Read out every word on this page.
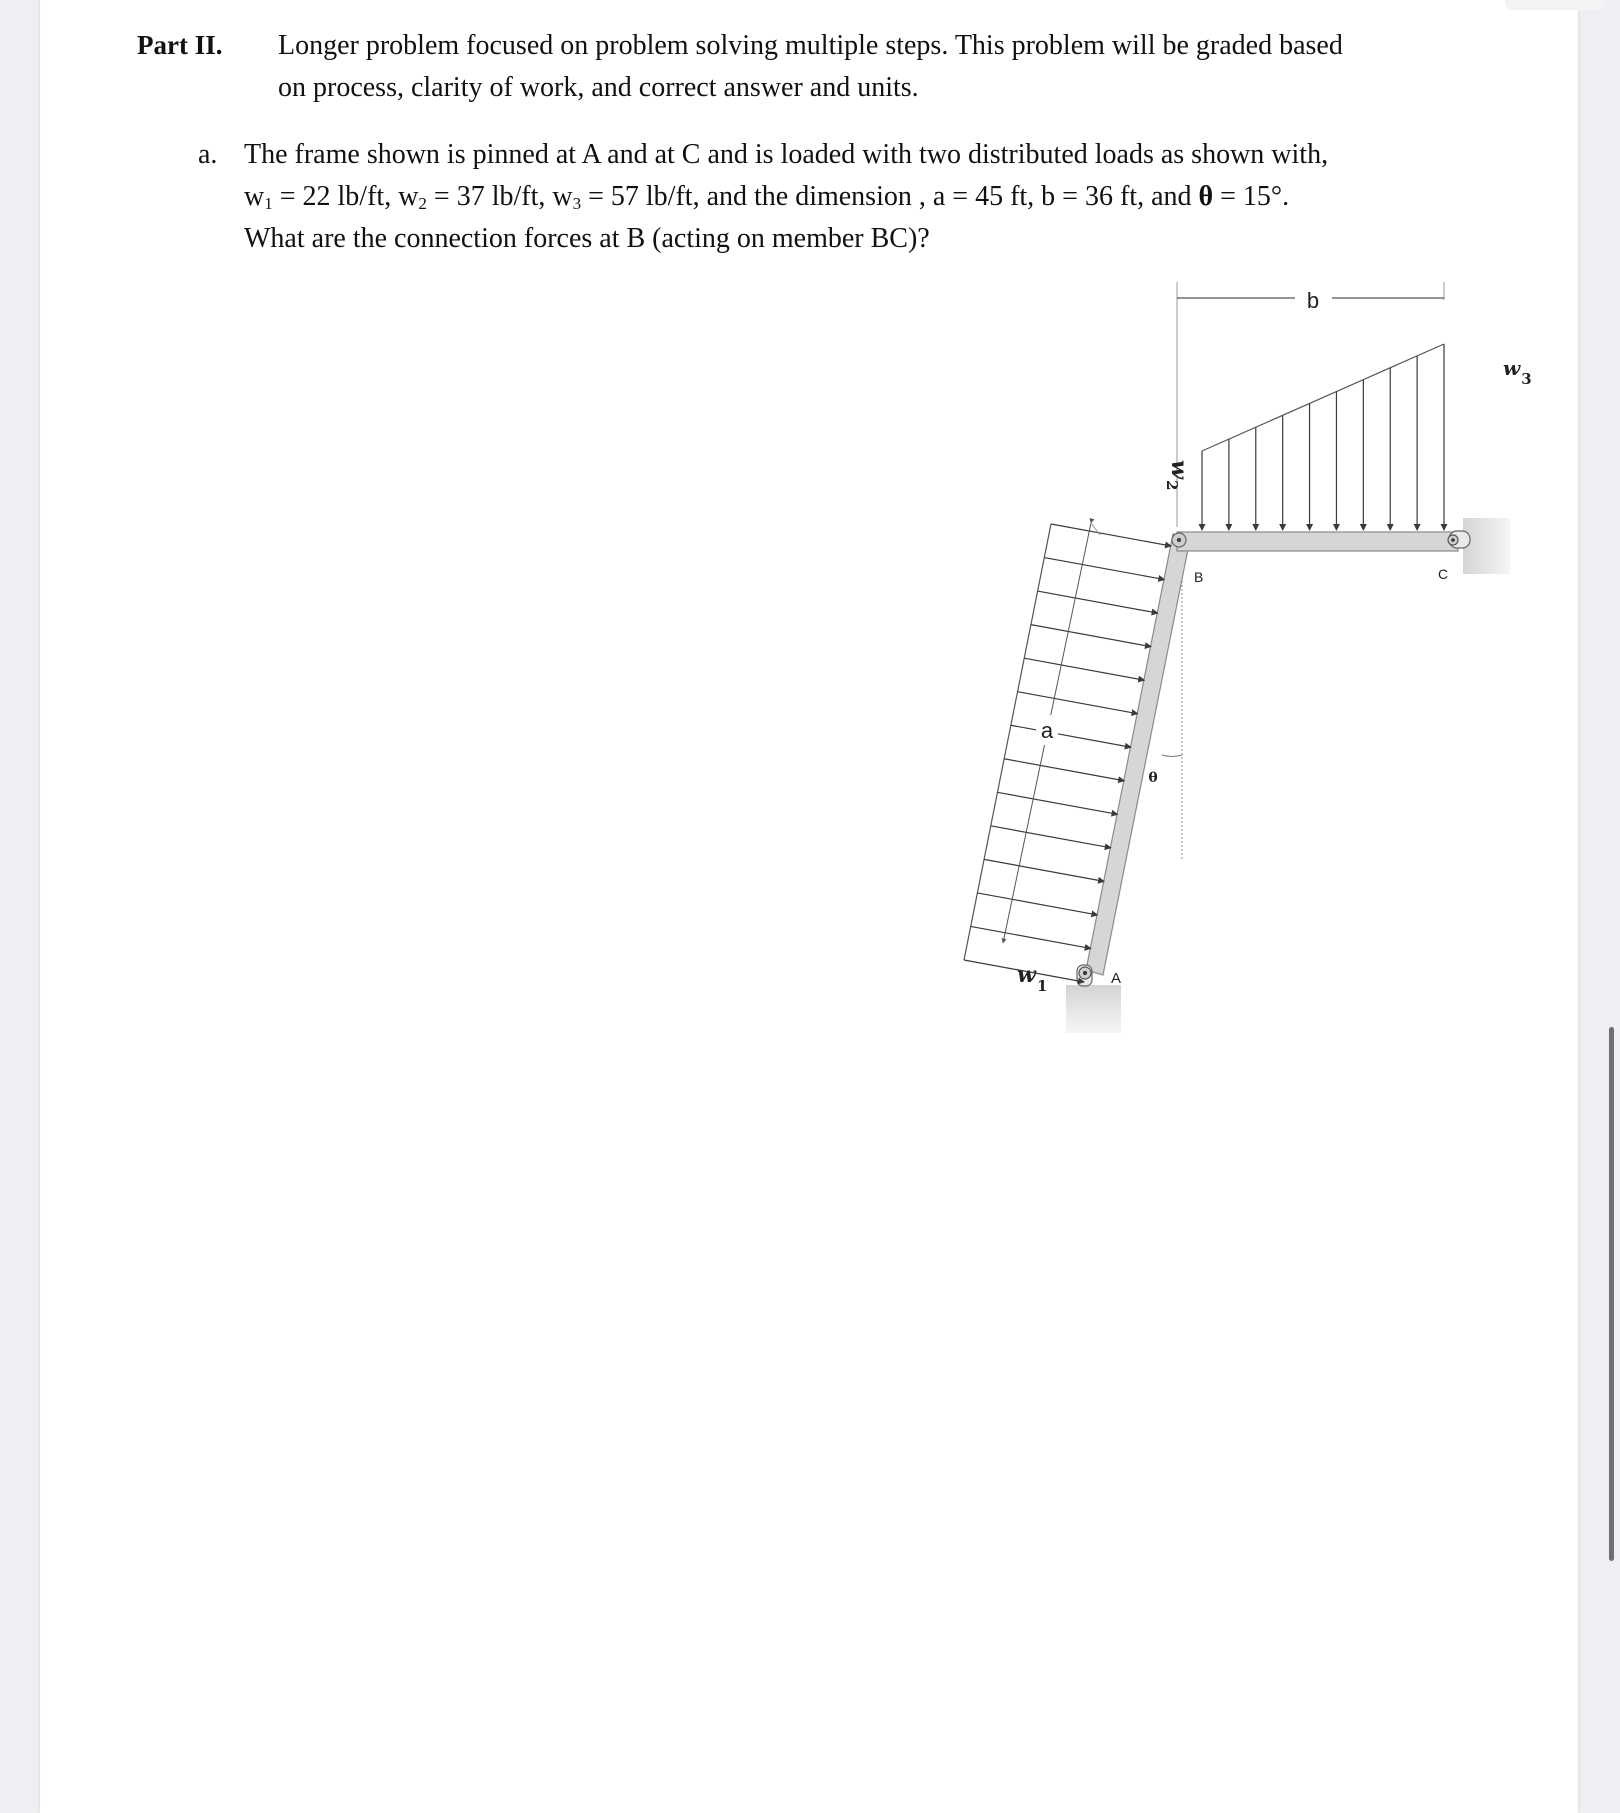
Part II. Longer problem focused on problem solving multiple steps. This problem will be graded based
on process, clarity of work, and correct answer and units.
a. The frame shown is pinned at A and at C and is loaded with two distributed loads as shown with,
$w_1 = 22$ lb/ft, $w_2 = 37$ lb/ft, $w_3 = 57$ lb/ft, and the dimension , a = 45 ft, b = 36 ft, and θ = 15°.
What are the connection forces at B (acting on member BC)?
b
θ
B	C
A
$w_2$
$w_3$
$w_1$
a
